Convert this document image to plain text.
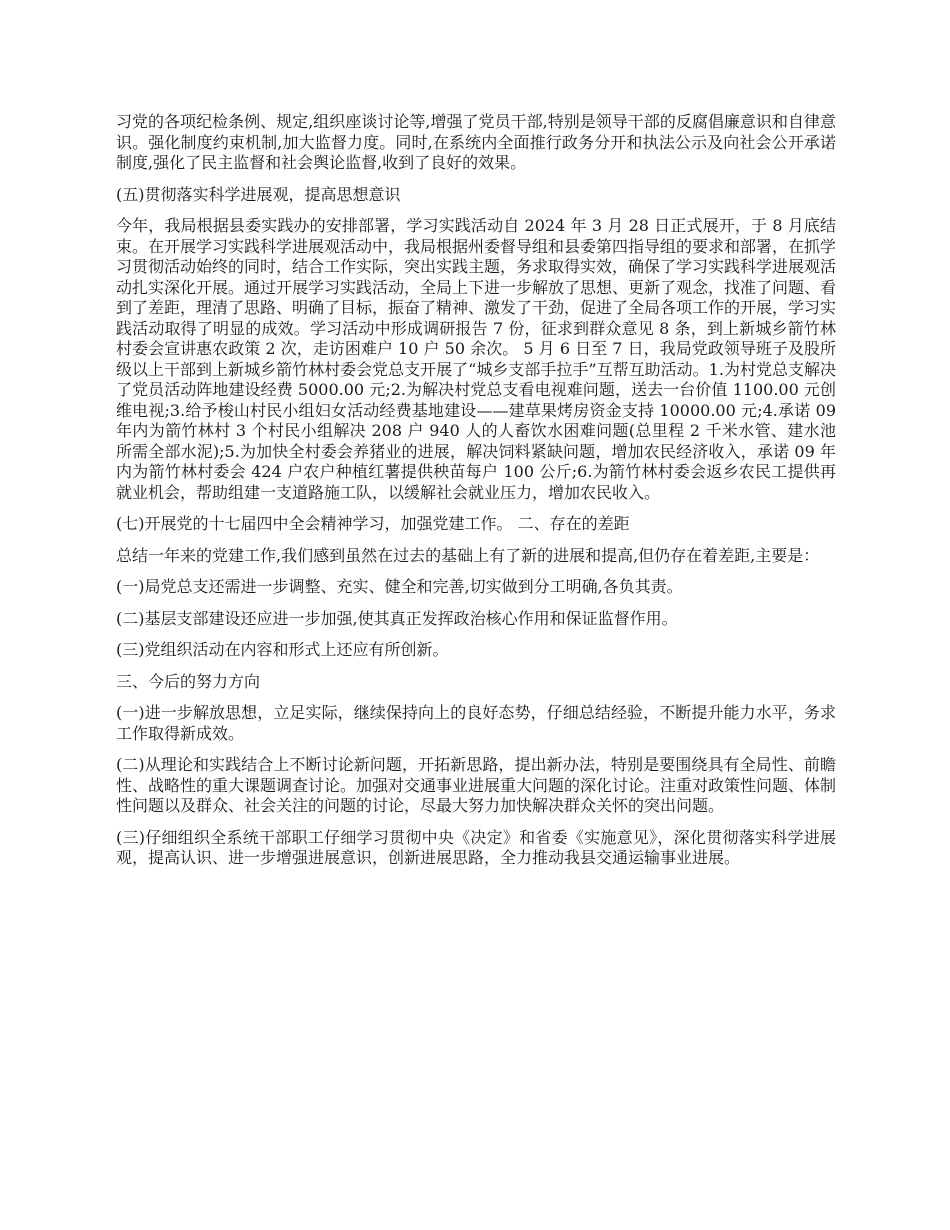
习党的各项纪检条例、规定,组织座谈讨论等,增强了党员干部,特别是领导干部的反腐倡廉意识和自律意识。强化制度约束机制,加大监督力度。同时,在系统内全面推行政务分开和执法公示及向社会公开承诺制度,强化了民主监督和社会舆论监督,收到了良好的效果。

(五)贯彻落实科学进展观，提高思想意识

今年，我局根据县委实践办的安排部署，学习实践活动自 2024 年 3 月 28 日正式展开，于 8 月底结束。在开展学习实践科学进展观活动中，我局根据州委督导组和县委第四指导组的要求和部署，在抓学习贯彻活动始终的同时，结合工作实际，突出实践主题，务求取得实效，确保了学习实践科学进展观活动扎实深化开展。通过开展学习实践活动，全局上下进一步解放了思想、更新了观念，找准了问题、看到了差距，理清了思路、明确了目标，振奋了精神、激发了干劲，促进了全局各项工作的开展，学习实践活动取得了明显的成效。学习活动中形成调研报告 7 份，征求到群众意见 8 条，到上新城乡箭竹林村委会宣讲惠农政策 2 次，走访困难户 10 户 50 余次。 5 月 6 日至 7 日，我局党政领导班子及股所级以上干部到上新城乡箭竹林村委会党总支开展了“城乡支部手拉手”互帮互助活动。1.为村党总支解决了党员活动阵地建设经费 5000.00 元;2.为解决村党总支看电视难问题，送去一台价值 1100.00 元创维电视;3.给予梭山村民小组妇女活动经费基地建设——建草果烤房资金支持 10000.00 元;4.承诺 09 年内为箭竹林村 3 个村民小组解决 208 户 940 人的人畜饮水困难问题(总里程 2 千米水管、建水池所需全部水泥);5.为加快全村委会养猪业的进展，解决饲料紧缺问题，增加农民经济收入，承诺 09 年内为箭竹林村委会 424 户农户种植红薯提供秧苗每户 100 公斤;6.为箭竹林村委会返乡农民工提供再就业机会，帮助组建一支道路施工队，以缓解社会就业压力，增加农民收入。

(七)开展党的十七届四中全会精神学习，加强党建工作。 二、存在的差距

总结一年来的党建工作,我们感到虽然在过去的基础上有了新的进展和提高,但仍存在着差距,主要是：

(一)局党总支还需进一步调整、充实、健全和完善,切实做到分工明确,各负其责。

(二)基层支部建设还应进一步加强,使其真正发挥政治核心作用和保证监督作用。

(三)党组织活动在内容和形式上还应有所创新。

三、今后的努力方向

(一)进一步解放思想，立足实际，继续保持向上的良好态势，仔细总结经验，不断提升能力水平，务求工作取得新成效。

(二)从理论和实践结合上不断讨论新问题，开拓新思路，提出新办法，特别是要围绕具有全局性、前瞻性、战略性的重大课题调查讨论。加强对交通事业进展重大问题的深化讨论。注重对政策性问题、体制性问题以及群众、社会关注的问题的讨论，尽最大努力加快解决群众关怀的突出问题。

(三)仔细组织全系统干部职工仔细学习贯彻中央《决定》和省委《实施意见》，深化贯彻落实科学进展观，提高认识、进一步增强进展意识，创新进展思路，全力推动我县交通运输事业进展。
